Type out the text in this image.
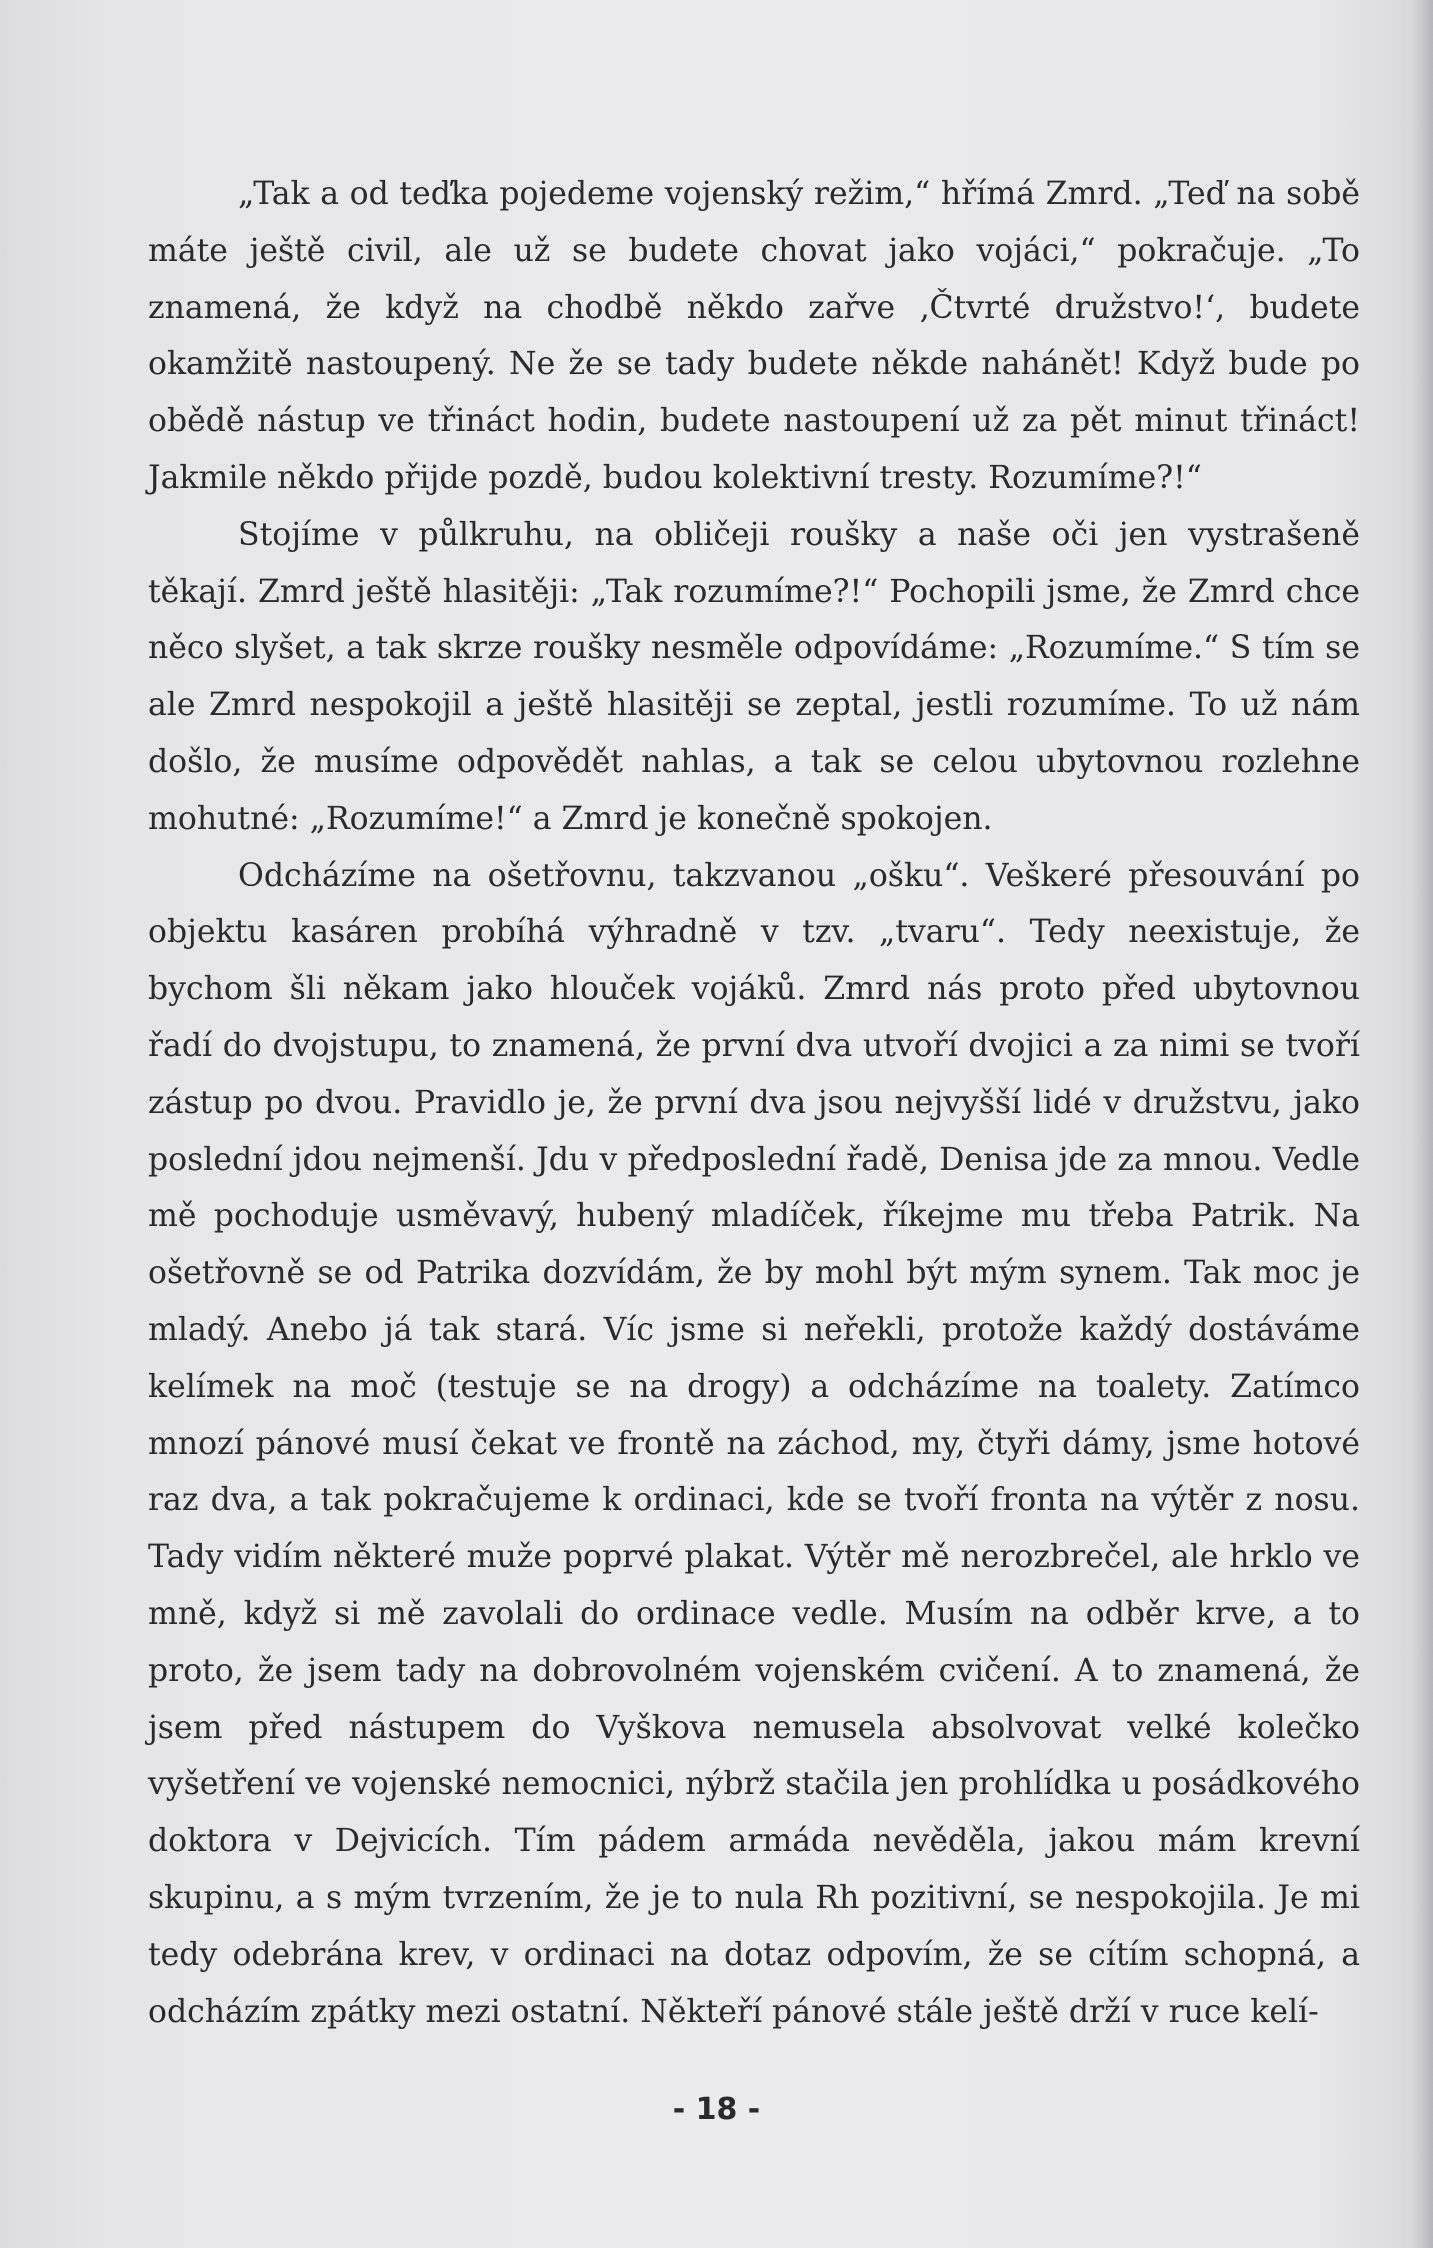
„Tak a od teďka pojedeme vojenský režim,“ hřímá Zmrd. „Teď na sobě máte ještě civil, ale už se budete chovat jako vojáci,“ pokračuje. „To znamená, že když na chodbě někdo zařve ‚Čtvrté družstvo!‘, budete okamžitě nastoupený. Ne že se tady budete někde nahánět! Když bude po obědě nástup ve třináct hodin, budete nastoupení už za pět minut třináct! Jakmile někdo přijde pozdě, budou kolektivní tresty. Rozumíme?!“

Stojíme v půlkruhu, na obličeji roušky a naše oči jen vystrašeně těkají. Zmrd ještě hlasitěji: „Tak rozumíme?!“ Pochopili jsme, že Zmrd chce něco slyšet, a tak skrze roušky nesměle odpovídáme: „Rozumíme.“ S tím se ale Zmrd nespokojil a ještě hlasitěji se zeptal, jestli rozumíme. To už nám došlo, že musíme odpovědět nahlas, a tak se celou ubytovnou rozlehne mohutné: „Rozumíme!“ a Zmrd je konečně spokojen.

Odcházíme na ošetřovnu, takzvanou „ošku“. Veškeré přesouvání po objektu kasáren probíhá výhradně v tzv. „tvaru“. Tedy neexistuje, že bychom šli někam jako hlouček vojáků. Zmrd nás proto před ubytovnou řadí do dvojstupu, to znamená, že první dva utvoří dvojici a za nimi se tvoří zástup po dvou. Pravidlo je, že první dva jsou nejvyšší lidé v družstvu, jako poslední jdou nejmenší. Jdu v předposlední řadě, Denisa jde za mnou. Vedle mě pochoduje usměvavý, hubený mladíček, říkejme mu třeba Patrik. Na ošetřovně se od Patrika dozvídám, že by mohl být mým synem. Tak moc je mladý. Anebo já tak stará. Víc jsme si neřekli, protože každý dostáváme kelímek na moč (testuje se na drogy) a odcházíme na toalety. Zatímco mnozí pánové musí čekat ve frontě na záchod, my, čtyři dámy, jsme hotové raz dva, a tak pokračujeme k ordinaci, kde se tvoří fronta na výtěr z nosu. Tady vidím některé muže poprvé plakat. Výtěr mě nerozbrečel, ale hrklo ve mně, když si mě zavolali do ordinace vedle. Musím na odběr krve, a to proto, že jsem tady na dobrovolném vojenském cvičení. A to znamená, že jsem před nástupem do Vyškova nemusela absolvovat velké kolečko vyšetření ve vojenské nemocnici, nýbrž stačila jen prohlídka u posádkového doktora v Dejvicích. Tím pádem armáda nevěděla, jakou mám krevní skupinu, a s mým tvrzením, že je to nula Rh pozitivní, se nespokojila. Je mi tedy odebrána krev, v ordinaci na dotaz odpovím, že se cítím schopná, a odcházím zpátky mezi ostatní. Někteří pánové stále ještě drží v ruce kelí-

- 18 -
